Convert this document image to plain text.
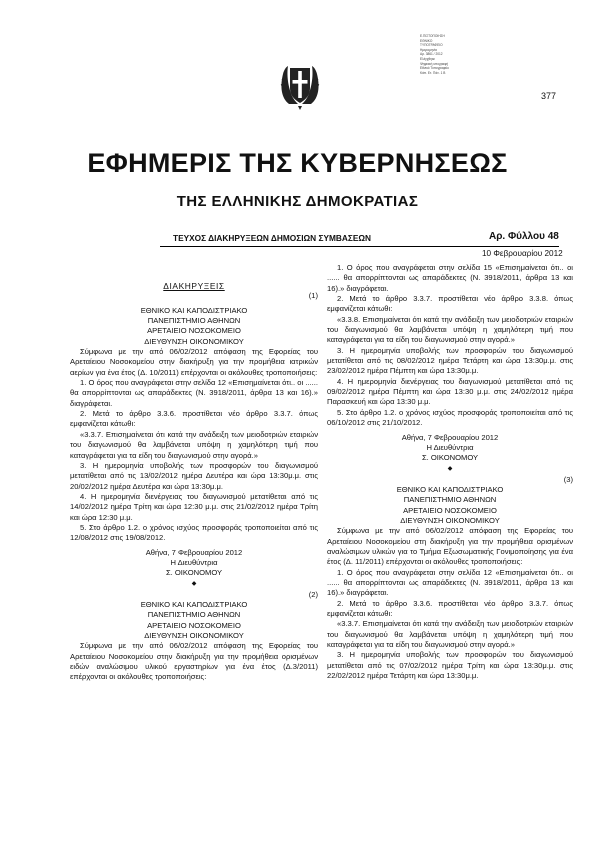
Ε.ΠΙΣΤΟΠΟΙΗΣΗ
ΕΘΝΙΚΟ
ΤΥΠΟΓΡΑΦΕΙΟ
Ημερομηνία
Αρ. 3861 / 2012
Ελέγχθηκε
Ψηφιακή υπογραφή
Εθνικό Τυπογραφείο
Κάπ. Ετ. Πάν. 1 Β
377
ΕΦΗΜΕΡΙΣ ΤΗΣ ΚΥΒΕΡΝΗΣΕΩΣ
ΤΗΣ ΕΛΛΗΝΙΚΗΣ ΔΗΜΟΚΡΑΤΙΑΣ
ΤΕΥΧΟΣ ΔΙΑΚΗΡΥΞΕΩΝ ΔΗΜΟΣΙΩΝ ΣΥΜΒΑΣΕΩΝ	Αρ. Φύλλου 48
10 Φεβρουαρίου 2012

ΔΙΑΚΗΡΥΞΕΙΣ

(1)

ΕΘΝΙΚΟ ΚΑΙ ΚΑΠΟΔΙΣΤΡΙΑΚΟ

ΠΑΝΕΠΙΣΤΗΜΙΟ ΑΘΗΝΩΝ

ΑΡΕΤΑΙΕΙΟ ΝΟΣΟΚΟΜΕΙΟ

ΔΙΕΥΘΥΝΣΗ ΟΙΚΟΝΟΜΙΚΟΥ

Σύμφωνα με την από 06/02/2012 απόφαση της Εφορείας του Αρεταίειου Νοσοκομείου στην διακήρυξη για την προμήθεια ιατρικών αερίων για ένα έτος (Δ. 10/2011) επέρχονται οι ακόλουθες τροποποιήσεις:

1. Ο όρος που αναγράφεται στην σελίδα 12 «Επισημαίνεται ότι.. οι ...... θα απορρίπτονται ως απαράδεκτες (Ν. 3918/2011, άρθρα 13 και 16).» διαγράφεται.

2. Μετά το άρθρο 3.3.6. προστίθεται νέο άρθρο 3.3.7. όπως εμφανίζεται κάτωθι:

«3.3.7. Επισημαίνεται ότι κατά την ανάδειξη των μειοδοτριών εταιριών του διαγωνισμού θα λαμβάνεται υπόψη η χαμηλότερη τιμή που καταγράφεται για τα είδη του διαγωνισμού στην αγορά.»

3. Η ημερομηνία υποβολής των προσφορών του διαγωνισμού μετατίθεται από τις 13/02/2012 ημέρα Δευτέρα και ώρα 13:30μ.μ. στις 20/02/2012 ημέρα Δευτέρα και ώρα 13:30μ.μ.

4. Η ημερομηνία διενέργειας του διαγωνισμού μετατίθεται από τις 14/02/2012 ημέρα Τρίτη και ώρα 12:30 μ.μ. στις 21/02/2012 ημέρα Τρίτη και ώρα 12:30 μ.μ.

5. Στο άρθρο 1.2. ο χρόνος ισχύος προσφοράς τροποποιείται από τις 12/08/2012 στις 19/08/2012.

Αθήνα, 7 Φεβρουαρίου 2012

Η Διευθύντρια

Σ. ΟΙΚΟΝΟΜΟΥ

◆

(2)

ΕΘΝΙΚΟ ΚΑΙ ΚΑΠΟΔΙΣΤΡΙΑΚΟ

ΠΑΝΕΠΙΣΤΗΜΙΟ ΑΘΗΝΩΝ

ΑΡΕΤΑΙΕΙΟ ΝΟΣΟΚΟΜΕΙΟ

ΔΙΕΥΘΥΝΣΗ ΟΙΚΟΝΟΜΙΚΟΥ

Σύμφωνα με την από 06/02/2012 απόφαση της Εφορείας του Αρεταίειου Νοσοκομείου στην διακήρυξη για την προμήθεια ορισμένων ειδών αναλώσιμου υλικού εργαστηρίων για ένα έτος (Δ.3/2011) επέρχονται οι ακόλουθες τροποποιήσεις:

1. Ο όρος που αναγράφεται στην σελίδα 15 «Επισημαίνεται ότι.. οι ...... θα απορρίπτονται ως απαράδεκτες (Ν. 3918/2011, άρθρα 13 και 16).» διαγράφεται.

2. Μετά το άρθρο 3.3.7. προστίθεται νέο άρθρο 3.3.8. όπως εμφανίζεται κάτωθι:

«3.3.8. Επισημαίνεται ότι κατά την ανάδειξη των μειοδοτριών εταιριών του διαγωνισμού θα λαμβάνεται υπόψη η χαμηλότερη τιμή που καταγράφεται για τα είδη του διαγωνισμού στην αγορά.»

3. Η ημερομηνία υποβολής των προσφορών του διαγωνισμού μετατίθεται από τις 08/02/2012 ημέρα Τετάρτη και ώρα 13:30μ.μ. στις 23/02/2012 ημέρα Πέμπτη και ώρα 13:30μ.μ.

4. Η ημερομηνία διενέργειας του διαγωνισμού μετατίθεται από τις 09/02/2012 ημέρα Πέμπτη και ώρα 13:30 μ.μ. στις 24/02/2012 ημέρα Παρασκευή και ώρα 13:30 μ.μ.

5. Στο άρθρο 1.2. ο χρόνος ισχύος προσφοράς τροποποιείται από τις 06/10/2012 στις 21/10/2012.

Αθήνα, 7 Φεβρουαρίου 2012

Η Διευθύντρια

Σ. ΟΙΚΟΝΟΜΟΥ

◆

(3)

ΕΘΝΙΚΟ ΚΑΙ ΚΑΠΟΔΙΣΤΡΙΑΚΟ

ΠΑΝΕΠΙΣΤΗΜΙΟ ΑΘΗΝΩΝ

ΑΡΕΤΑΙΕΙΟ ΝΟΣΟΚΟΜΕΙΟ

ΔΙΕΥΘΥΝΣΗ ΟΙΚΟΝΟΜΙΚΟΥ

Σύμφωνα με την από 06/02/2012 απόφαση της Εφορείας του Αρεταίειου Νοσοκομείου στη διακήρυξη για την προμήθεια ορισμένων αναλώσιμων υλικών για το Τμήμα Εξωσωματικής Γονιμοποίησης για ένα έτος (Δ. 11/2011) επέρχονται οι ακόλουθες τροποποιήσεις:

1. Ο όρος που αναγράφεται στην σελίδα 12 «Επισημαίνεται ότι.. οι ...... θα απορρίπτονται ως απαράδεκτες (Ν. 3918/2011, άρθρα 13 και 16).» διαγράφεται.

2. Μετά το άρθρο 3.3.6. προστίθεται νέο άρθρο 3.3.7. όπως εμφανίζεται κάτωθι:

«3.3.7. Επισημαίνεται ότι κατά την ανάδειξη των μειοδοτριών εταιριών του διαγωνισμού θα λαμβάνεται υπόψη η χαμηλότερη τιμή που καταγράφεται για τα είδη του διαγωνισμού στην αγορά.»

3. Η ημερομηνία υποβολής των προσφορών του διαγωνισμού μετατίθεται από τις 07/02/2012 ημέρα Τρίτη και ώρα 13:30μ.μ. στις 22/02/2012 ημέρα Τετάρτη και ώρα 13:30μ.μ.
